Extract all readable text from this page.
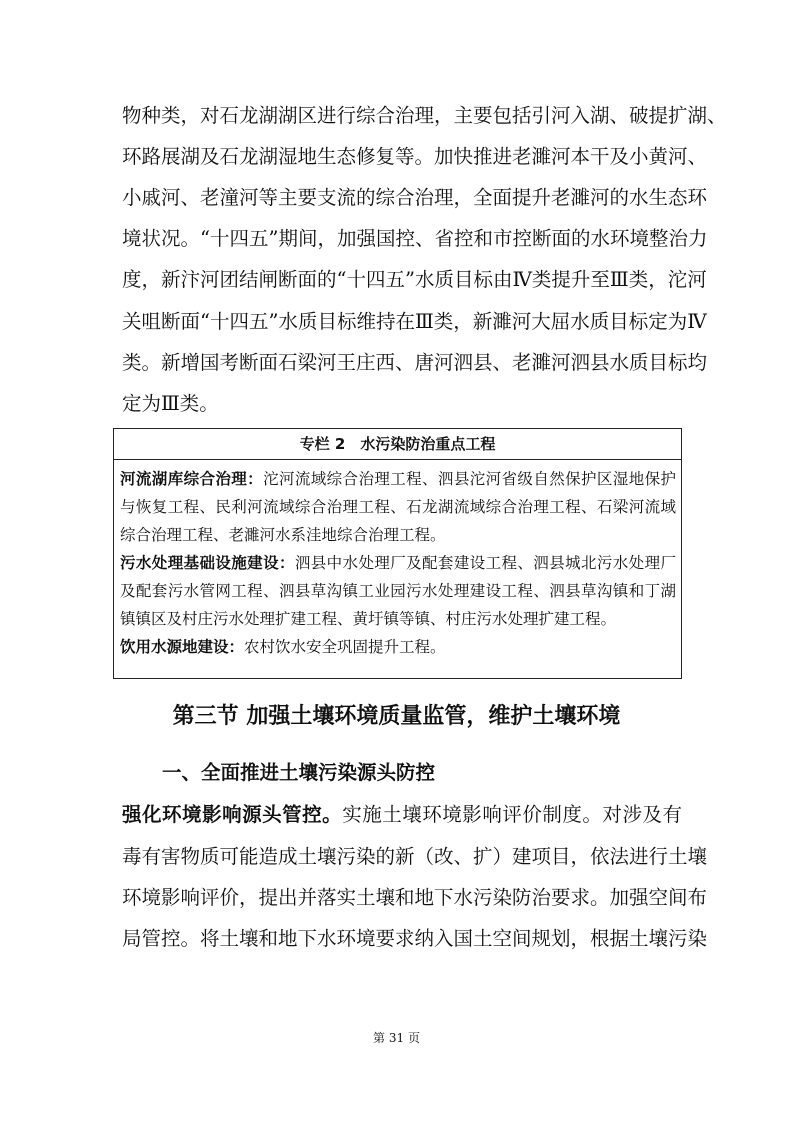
物种类，对石龙湖湖区进行综合治理，主要包括引河入湖、破提扩湖、
环路展湖及石龙湖湿地生态修复等。加快推进老濉河本干及小黄河、
小戚河、老潼河等主要支流的综合治理，全面提升老濉河的水生态环
境状况。“十四五”期间，加强国控、省控和市控断面的水环境整治力
度，新汴河团结闸断面的“十四五”水质目标由Ⅳ类提升至Ⅲ类，沱河
关咀断面“十四五”水质目标维持在Ⅲ类，新濉河大屈水质目标定为Ⅳ
类。新增国考断面石梁河王庄西、唐河泗县、老濉河泗县水质目标均
定为Ⅲ类。
专栏 2　水污染防治重点工程
河流湖库综合治理：沱河流域综合治理工程、泗县沱河省级自然保护区湿地保护
与恢复工程、民利河流域综合治理工程、石龙湖流域综合治理工程、石梁河流域
综合治理工程、老濉河水系洼地综合治理工程。
污水处理基础设施建设：泗县中水处理厂及配套建设工程、泗县城北污水处理厂
及配套污水管网工程、泗县草沟镇工业园污水处理建设工程、泗县草沟镇和丁湖
镇镇区及村庄污水处理扩建工程、黄圩镇等镇、村庄污水处理扩建工程。
饮用水源地建设：农村饮水安全巩固提升工程。
第三节 加强土壤环境质量监管，维护土壤环境
一、全面推进土壤污染源头防控
强化环境影响源头管控。实施土壤环境影响评价制度。对涉及有
毒有害物质可能造成土壤污染的新（改、扩）建项目，依法进行土壤
环境影响评价，提出并落实土壤和地下水污染防治要求。加强空间布
局管控。将土壤和地下水环境要求纳入国土空间规划，根据土壤污染
第 31 页
